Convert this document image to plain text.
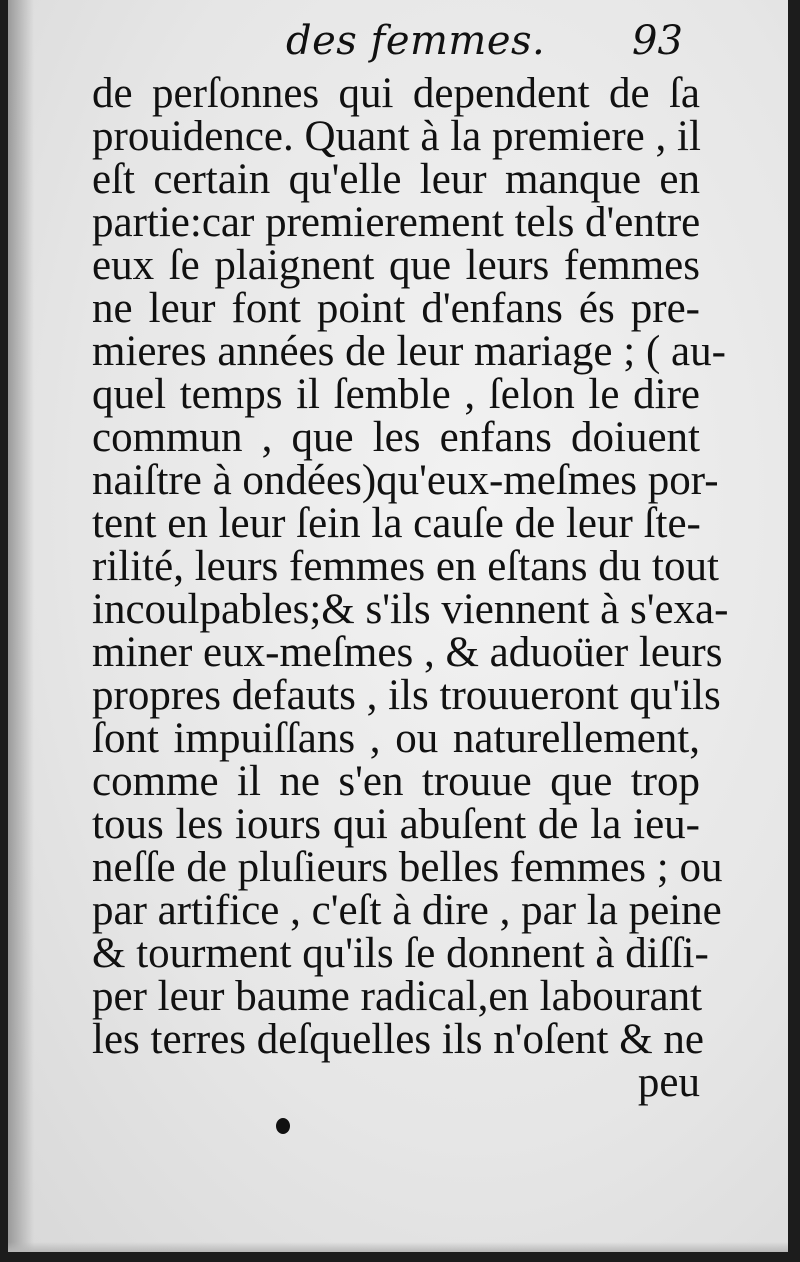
des femmes. 93
de perſonnes qui dependent de ſa
prouidence. Quant à la premiere , il
eſt certain qu'elle leur manque en
partie:car premierement tels d'entre
eux ſe plaignent que leurs femmes
ne leur font point d'enfans és pre-
mieres années de leur mariage ; ( au-
quel temps il ſemble , ſelon le dire
commun , que les enfans doiuent
naiſtre à ondées)qu'eux-meſmes por-
tent en leur ſein la cauſe de leur ſte-
rilité, leurs femmes en eſtans du tout
incoulpables;& s'ils viennent à s'exa-
miner eux-meſmes , & aduoüer leurs
propres defauts , ils trouueront qu'ils
ſont impuiſſans , ou naturellement,
comme il ne s'en trouue que trop
tous les iours qui abuſent de la ieu-
neſſe de pluſieurs belles femmes ; ou
par artifice , c'eſt à dire , par la peine
& tourment qu'ils ſe donnent à diſſi-
per leur baume radical,en labourant
les terres deſquelles ils n'oſent & ne
peu
